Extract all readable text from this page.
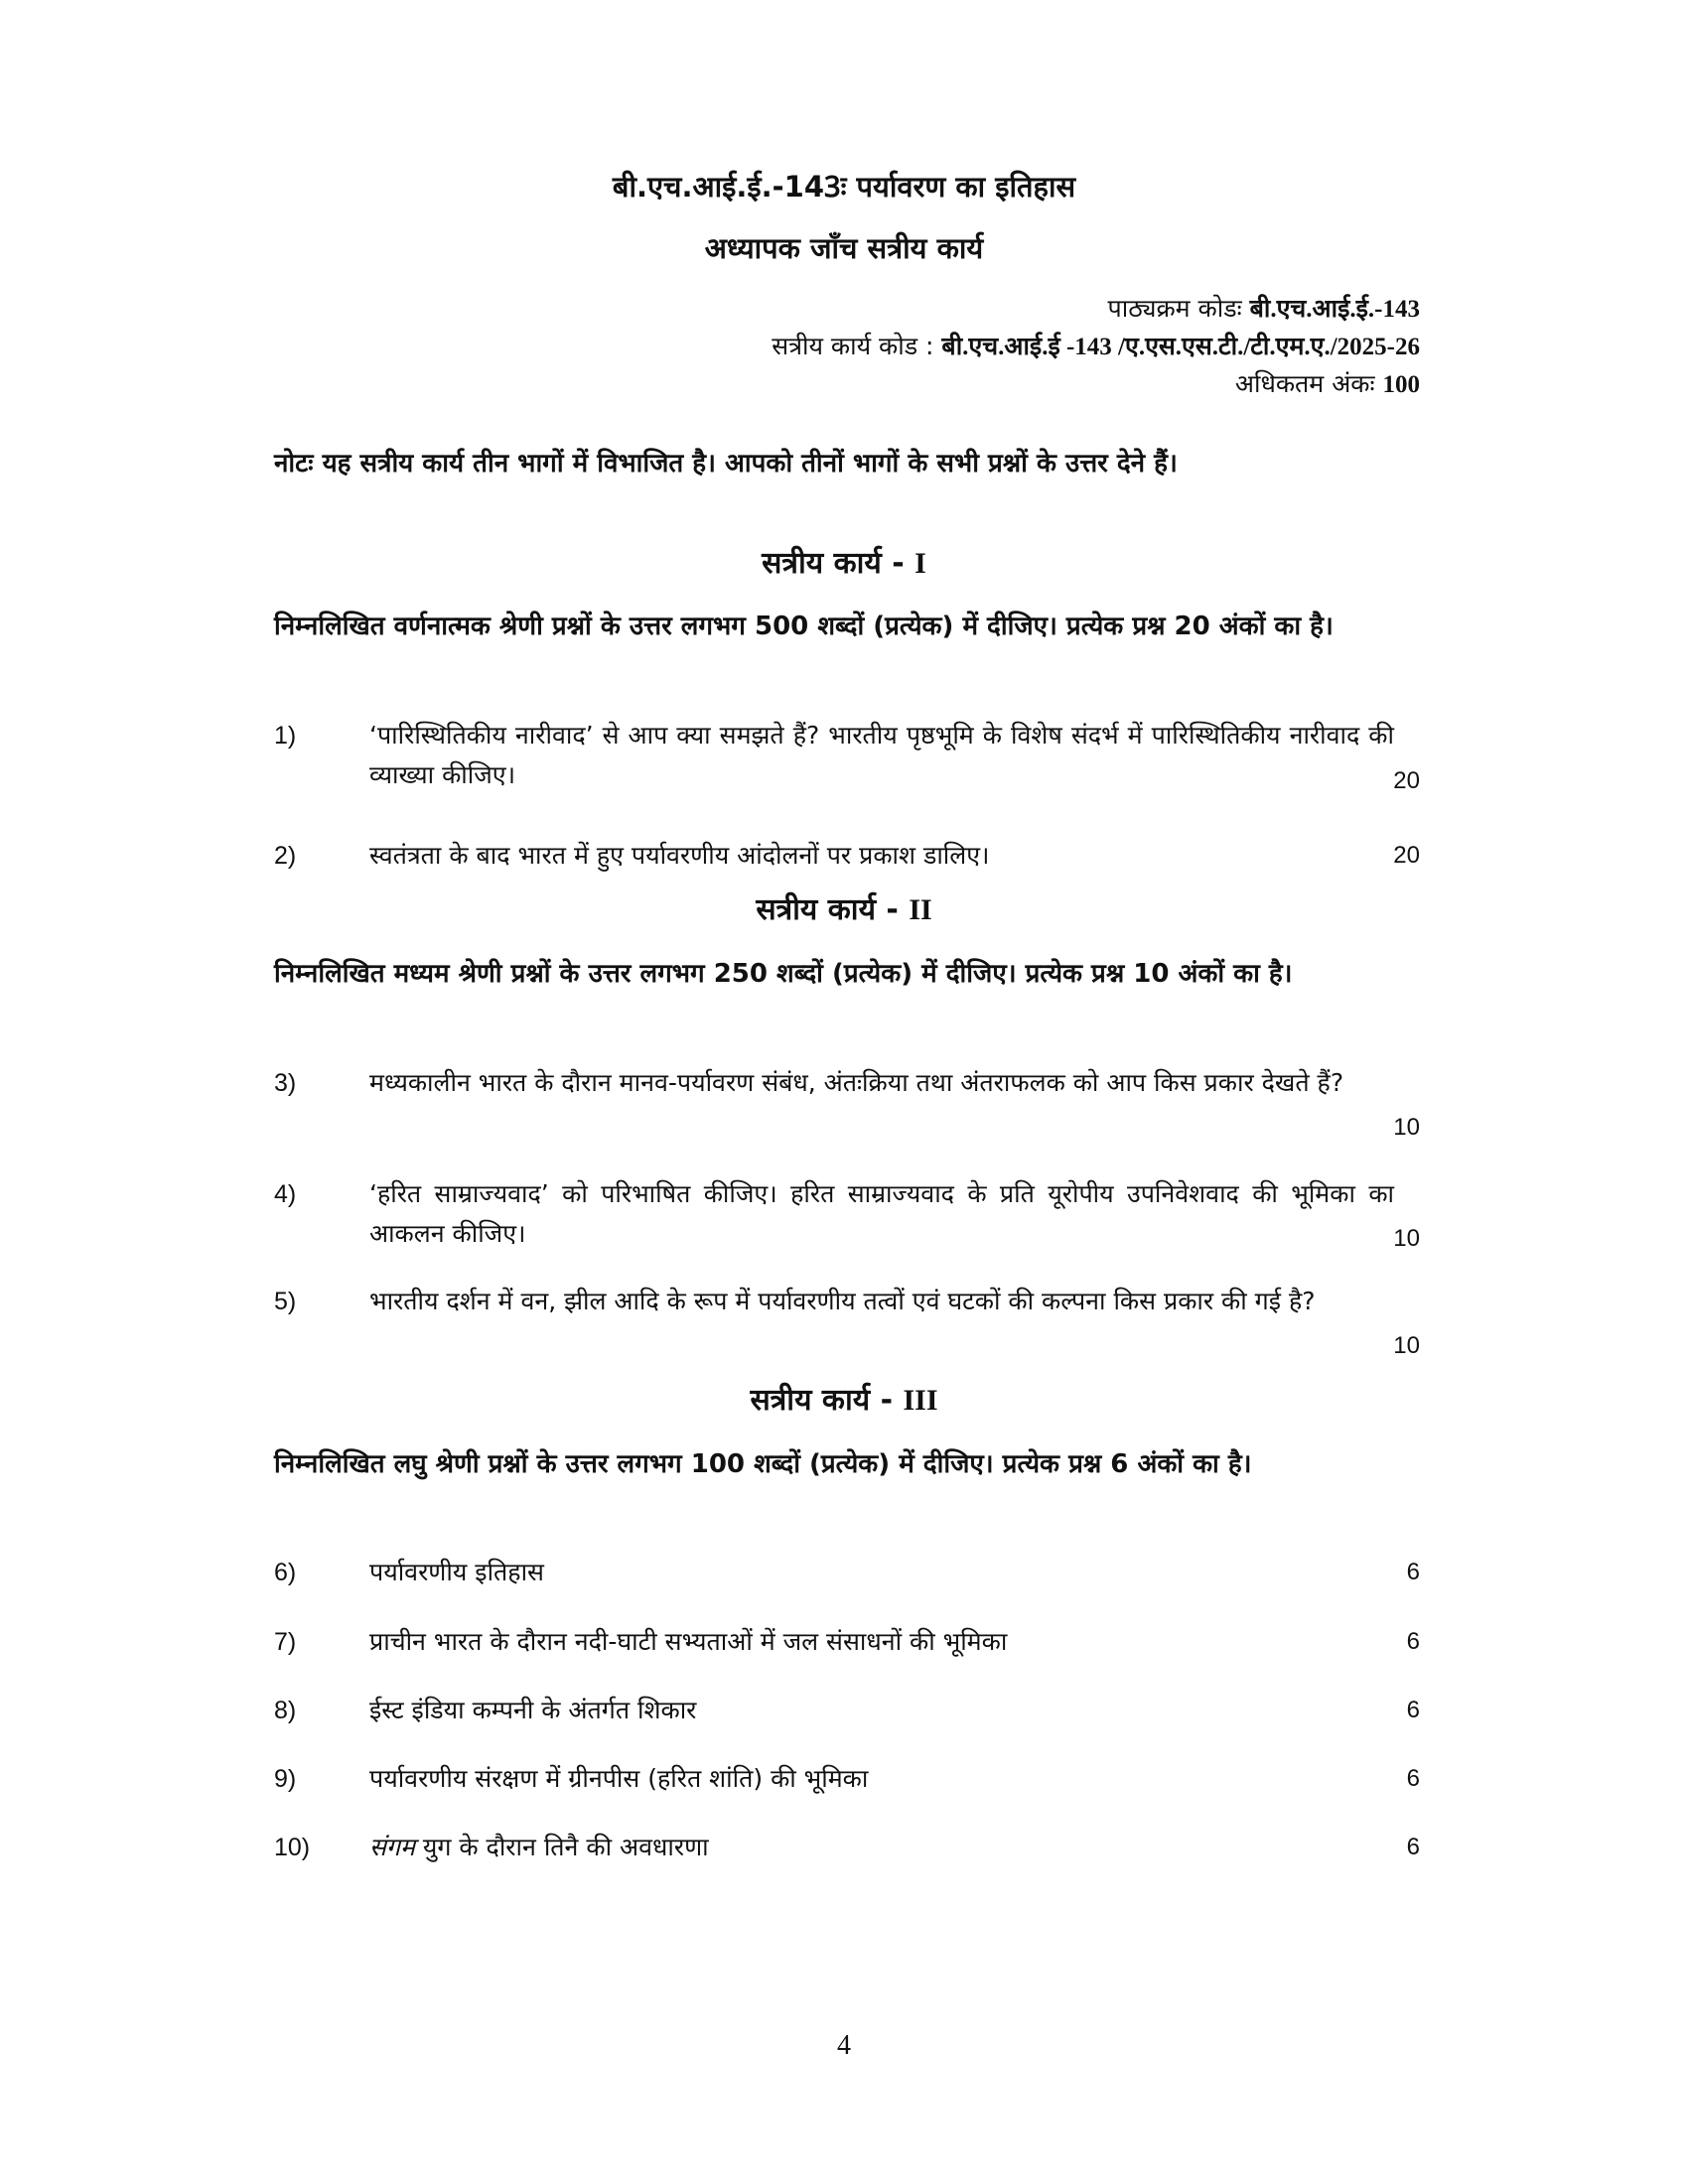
बी.एच.आई.ई.-143ः पर्यावरण का इतिहास
अध्यापक जाँच सत्रीय कार्य
पाठ्यक्रम कोडः बी.एच.आई.ई.-143
सत्रीय कार्य कोड : बी.एच.आई.ई -143 /ए.एस.एस.टी./टी.एम.ए./2025-26
अधिकतम अंकः 100
नोटः यह सत्रीय कार्य तीन भागों में विभाजित है। आपको तीनों भागों के सभी प्रश्नों के उत्तर देने हैं।
सत्रीय कार्य - I
निम्नलिखित वर्णनात्मक श्रेणी प्रश्नों के उत्तर लगभग 500 शब्दों (प्रत्येक) में दीजिए। प्रत्येक प्रश्न 20 अंकों का है।
1)	‘पारिस्थितिकीय नारीवाद’ से आप क्या समझते हैं? भारतीय पृष्ठभूमि के विशेष संदर्भ में पारिस्थितिकीय नारीवाद की व्याख्या कीजिए।	20
2)	स्वतंत्रता के बाद भारत में हुए पर्यावरणीय आंदोलनों पर प्रकाश डालिए।	20
सत्रीय कार्य - II
निम्नलिखित मध्यम श्रेणी प्रश्नों के उत्तर लगभग 250 शब्दों (प्रत्येक) में दीजिए। प्रत्येक प्रश्न 10 अंकों का है।
3)	मध्यकालीन भारत के दौरान मानव-पर्यावरण संबंध, अंतःक्रिया तथा अंतराफलक को आप किस प्रकार देखते हैं?
10
4)	‘हरित साम्राज्यवाद’ को परिभाषित कीजिए। हरित साम्राज्यवाद के प्रति यूरोपीय उपनिवेशवाद की भूमिका का आकलन कीजिए।	10
5)	भारतीय दर्शन में वन, झील आदि के रूप में पर्यावरणीय तत्वों एवं घटकों की कल्पना किस प्रकार की गई है?
10
सत्रीय कार्य - III
निम्नलिखित लघु श्रेणी प्रश्नों के उत्तर लगभग 100 शब्दों (प्रत्येक) में दीजिए। प्रत्येक प्रश्न 6 अंकों का है।
6)	पर्यावरणीय इतिहास	6
7)	प्राचीन भारत के दौरान नदी-घाटी सभ्यताओं में जल संसाधनों की भूमिका	6
8)	ईस्ट इंडिया कम्पनी के अंतर्गत शिकार	6
9)	पर्यावरणीय संरक्षण में ग्रीनपीस (हरित शांति) की भूमिका	6
10) संगम युग के दौरान तिनै की अवधारणा	6
4
